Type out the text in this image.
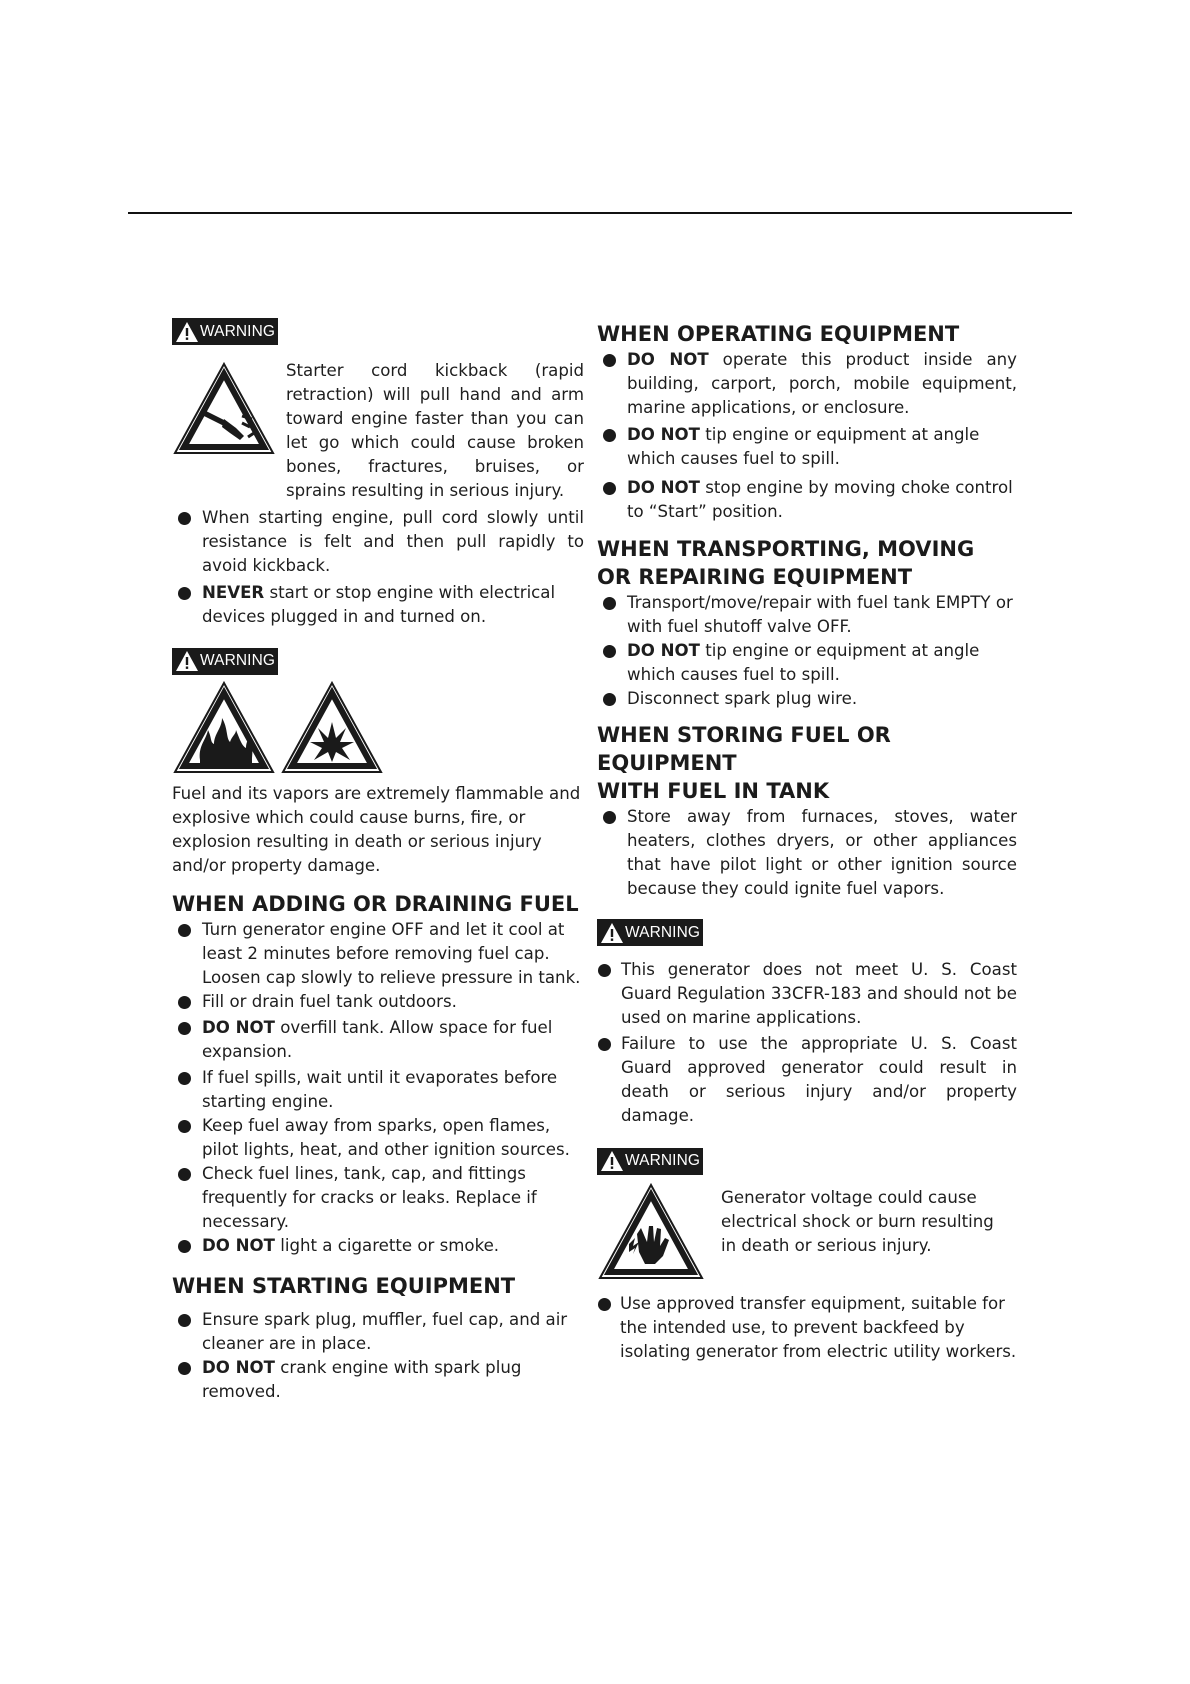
WARNING

Starter cord kickback (rapid retraction) will pull hand and arm toward engine faster than you can let go which could cause broken bones, fractures, bruises, or sprains resulting in serious injury.

When starting engine, pull cord slowly until resistance is felt and then pull rapidly to avoid kickback.
NEVER start or stop engine with electrical devices plugged in and turned on.
WARNING

Fuel and its vapors are extremely flammable and explosive which could cause burns, fire, or explosion resulting in death or serious injury and/or property damage.

WHEN ADDING OR DRAINING FUEL
Turn generator engine OFF and let it cool at least 2 minutes before removing fuel cap. Loosen cap slowly to relieve pressure in tank.
Fill or drain fuel tank outdoors.
DO NOT overfill tank. Allow space for fuel expansion.
If fuel spills, wait until it evaporates before starting engine.
Keep fuel away from sparks, open flames, pilot lights, heat, and other ignition sources.
Check fuel lines, tank, cap, and fittings frequently for cracks or leaks. Replace if necessary.
DO NOT light a cigarette or smoke.
WHEN STARTING EQUIPMENT
Ensure spark plug, muffler, fuel cap, and air cleaner are in place.
DO NOT crank engine with spark plug removed.
WHEN OPERATING EQUIPMENT
DO NOT operate this product inside any building, carport, porch, mobile equipment, marine applications, or enclosure.
DO NOT tip engine or equipment at angle which causes fuel to spill.
DO NOT stop engine by moving choke control to “Start” position.
WHEN TRANSPORTING, MOVING
OR REPAIRING EQUIPMENT
Transport/move/repair with fuel tank EMPTY or with fuel shutoff valve OFF.
DO NOT tip engine or equipment at angle which causes fuel to spill.
Disconnect spark plug wire.
WHEN STORING FUEL OR EQUIPMENT
WITH FUEL IN TANK
Store away from furnaces, stoves, water heaters, clothes dryers, or other appliances that have pilot light or other ignition source because they could ignite fuel vapors.
WARNING
This generator does not meet U. S. Coast Guard Regulation 33CFR-183 and should not be used on marine applications.
Failure to use the appropriate U. S. Coast Guard approved generator could result in death or serious injury and/or property damage.
WARNING

Generator voltage could cause electrical shock or burn resulting in death or serious injury.

Use approved transfer equipment, suitable for the intended use, to prevent backfeed by isolating generator from electric utility workers.
